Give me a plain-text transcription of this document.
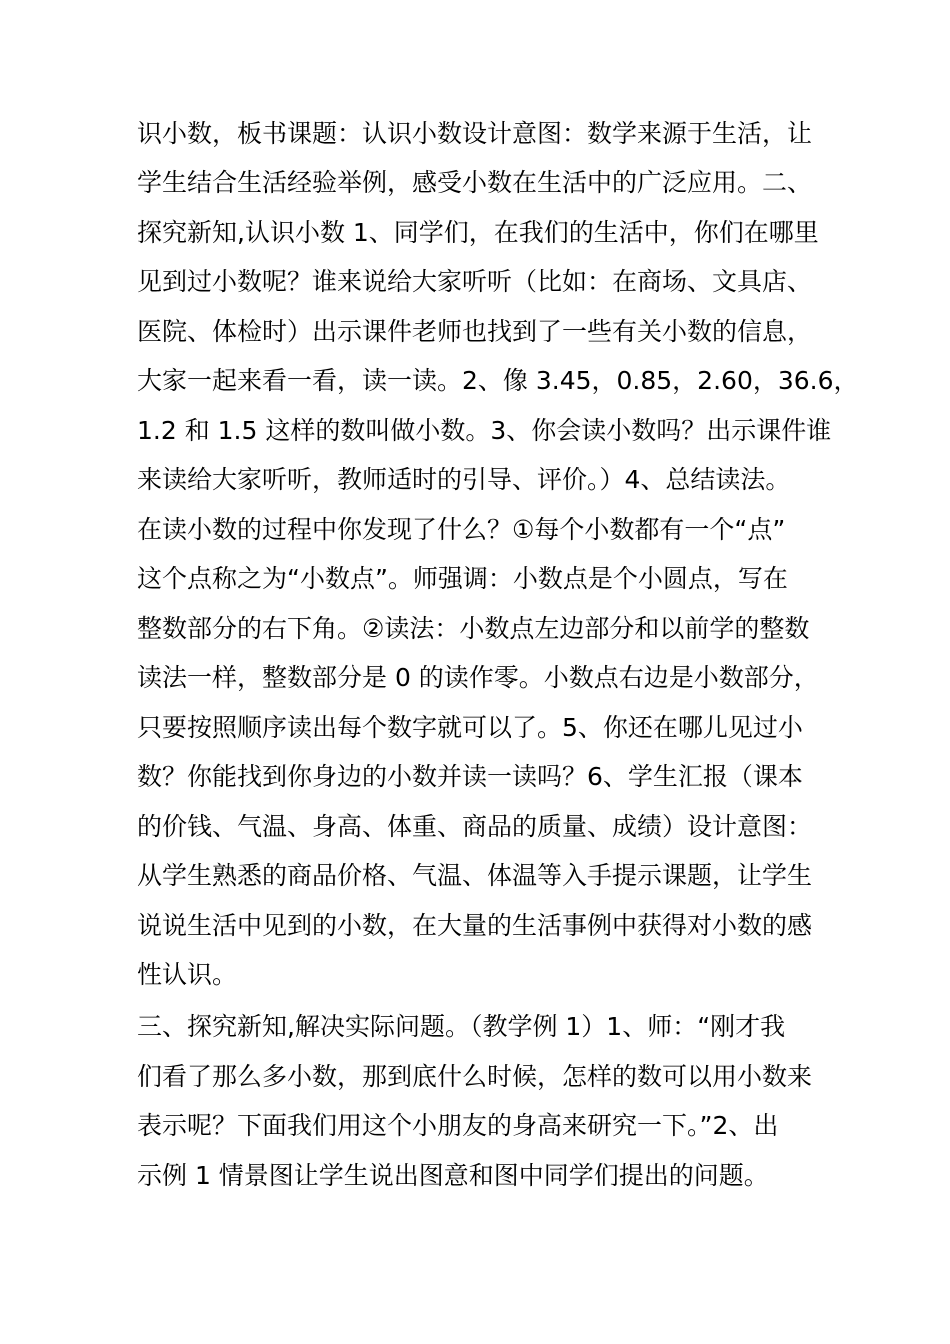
识小数，板书课题：认识小数设计意图：数学来源于生活，让
学生结合生活经验举例，感受小数在生活中的广泛应用。二、
探究新知,认识小数 1、同学们，在我们的生活中，你们在哪里
见到过小数呢？谁来说给大家听听（比如：在商场、文具店、
医院、体检时）出示课件老师也找到了一些有关小数的信息，
大家一起来看一看，读一读。2、像 3.45，0.85，2.60，36.6，
1.2 和 1.5 这样的数叫做小数。3、你会读小数吗？出示课件谁
来读给大家听听，教师适时的引导、评价。）4、总结读法。
在读小数的过程中你发现了什么？①每个小数都有一个“点”
这个点称之为“小数点”。师强调：小数点是个小圆点，写在
整数部分的右下角。②读法：小数点左边部分和以前学的整数
读法一样，整数部分是 0 的读作零。小数点右边是小数部分，
只要按照顺序读出每个数字就可以了。5、你还在哪儿见过小
数？你能找到你身边的小数并读一读吗？6、学生汇报（课本
的价钱、气温、身高、体重、商品的质量、成绩）设计意图：
从学生熟悉的商品价格、气温、体温等入手提示课题，让学生
说说生活中见到的小数，在大量的生活事例中获得对小数的感
性认识。
三、探究新知,解决实际问题。（教学例 1）1、师：“刚才我
们看了那么多小数，那到底什么时候，怎样的数可以用小数来
表示呢？下面我们用这个小朋友的身高来研究一下。”2、出
示例 1 情景图让学生说出图意和图中同学们提出的问题。
